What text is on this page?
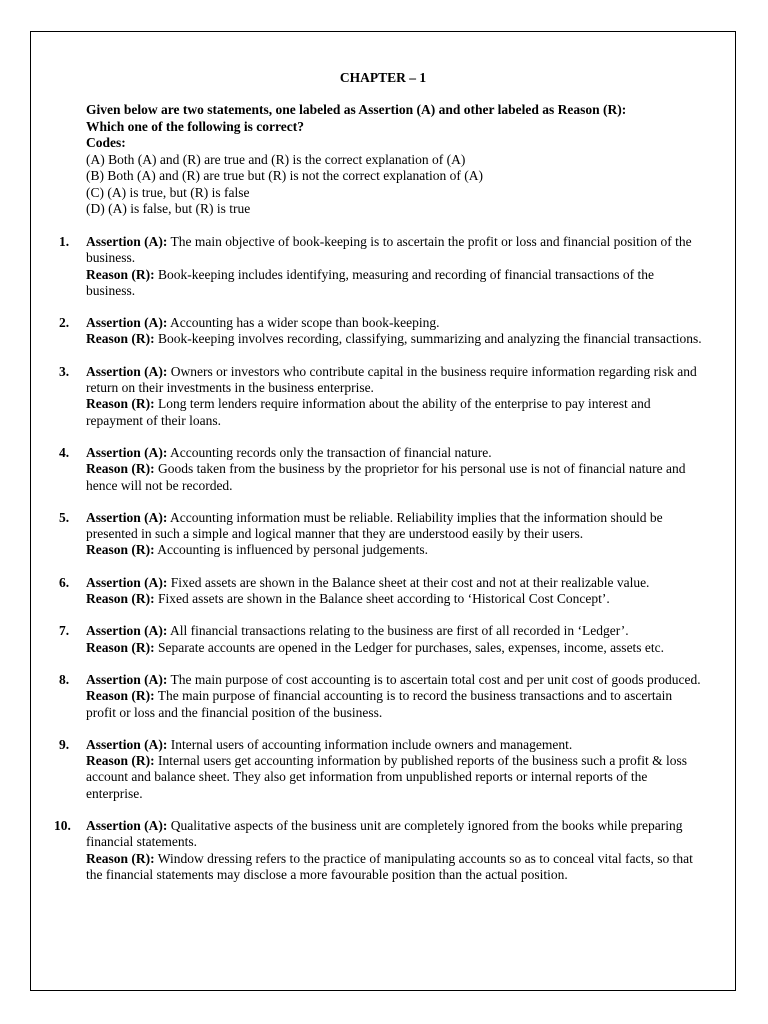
CHAPTER – 1
Given below are two statements, one labeled as Assertion (A) and other labeled as Reason (R):
Which one of the following is correct?
Codes:
(A) Both (A) and (R) are true and (R) is the correct explanation of (A)
(B) Both (A) and (R) are true but (R) is not the correct explanation of (A)
(C) (A) is true, but (R) is false
(D) (A) is false, but (R) is true
1. Assertion (A): The main objective of book-keeping is to ascertain the profit or loss and financial position of the business.

Reason (R): Book-keeping includes identifying, measuring and recording of financial transactions of the business.

2. Assertion (A): Accounting has a wider scope than book-keeping.

Reason (R): Book-keeping involves recording, classifying, summarizing and analyzing the financial transactions.

3. Assertion (A): Owners or investors who contribute capital in the business require information regarding risk and return on their investments in the business enterprise.

Reason (R): Long term lenders require information about the ability of the enterprise to pay interest and repayment of their loans.

4. Assertion (A): Accounting records only the transaction of financial nature.

Reason (R): Goods taken from the business by the proprietor for his personal use is not of financial nature and hence will not be recorded.

5. Assertion (A): Accounting information must be reliable. Reliability implies that the information should be presented in such a simple and logical manner that they are understood easily by their users.

Reason (R): Accounting is influenced by personal judgements.

6. Assertion (A): Fixed assets are shown in the Balance sheet at their cost and not at their realizable value.

Reason (R): Fixed assets are shown in the Balance sheet according to ‘Historical Cost Concept’.

7. Assertion (A): All financial transactions relating to the business are first of all recorded in ‘Ledger’.

Reason (R): Separate accounts are opened in the Ledger for purchases, sales, expenses, income, assets etc.

8. Assertion (A): The main purpose of cost accounting is to ascertain total cost and per unit cost of goods produced.

Reason (R): The main purpose of financial accounting is to record the business transactions and to ascertain profit or loss and the financial position of the business.

9. Assertion (A): Internal users of accounting information include owners and management.

Reason (R): Internal users get accounting information by published reports of the business such a profit & loss account and balance sheet. They also get information from unpublished reports or internal reports of the enterprise.

10. Assertion (A): Qualitative aspects of the business unit are completely ignored from the books while preparing financial statements.

Reason (R): Window dressing refers to the practice of manipulating accounts so as to conceal vital facts, so that the financial statements may disclose a more favourable position than the actual position.
